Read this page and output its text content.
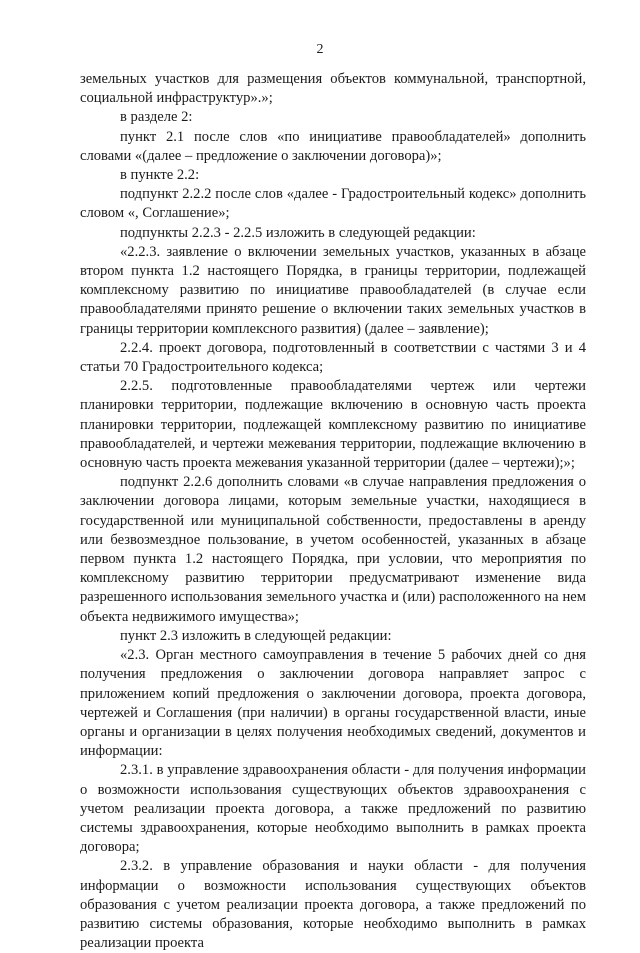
2

земельных участков для размещения объектов коммунальной, транспортной, социальной инфраструктур».»;

в разделе 2:

пункт 2.1 после слов «по инициативе правообладателей» дополнить словами «(далее – предложение о заключении договора)»;

в пункте 2.2:

подпункт 2.2.2 после слов «далее - Градостроительный кодекс» дополнить словом «, Соглашение»;

подпункты 2.2.3 - 2.2.5 изложить в следующей редакции:

«2.2.3. заявление о включении земельных участков, указанных в абзаце втором пункта 1.2 настоящего Порядка, в границы территории, подлежащей комплексному развитию по инициативе правообладателей (в случае если правообладателями принято решение о включении таких земельных участков в границы территории комплексного развития) (далее – заявление);

2.2.4. проект договора, подготовленный в соответствии с частями 3 и 4 статьи 70 Градостроительного кодекса;

2.2.5. подготовленные правообладателями чертеж или чертежи планировки территории, подлежащие включению в основную часть проекта планировки территории, подлежащей комплексному развитию по инициативе правообладателей, и чертежи межевания территории, подлежащие включению в основную часть проекта межевания указанной территории (далее – чертежи);»;

подпункт 2.2.6 дополнить словами «в случае направления предложения о заключении договора лицами, которым земельные участки, находящиеся в государственной или муниципальной собственности, предоставлены в аренду или безвозмездное пользование, в учетом особенностей, указанных в абзаце первом пункта 1.2 настоящего Порядка, при условии, что мероприятия по комплексному развитию территории предусматривают изменение вида разрешенного использования земельного участка и (или) расположенного на нем объекта недвижимого имущества»;

пункт 2.3 изложить в следующей редакции:

«2.3. Орган местного самоуправления в течение 5 рабочих дней со дня получения предложения о заключении договора направляет запрос с приложением копий предложения о заключении договора, проекта договора, чертежей и Соглашения (при наличии) в органы государственной власти, иные органы и организации в целях получения необходимых сведений, документов и информации:

2.3.1. в управление здравоохранения области - для получения информации о возможности использования существующих объектов здравоохранения с учетом реализации проекта договора, а также предложений по развитию системы здравоохранения, которые необходимо выполнить в рамках проекта договора;

2.3.2. в управление образования и науки области - для получения информации о возможности использования существующих объектов образования с учетом реализации проекта договора, а также предложений по развитию системы образования, которые необходимо выполнить в рамках реализации проекта
